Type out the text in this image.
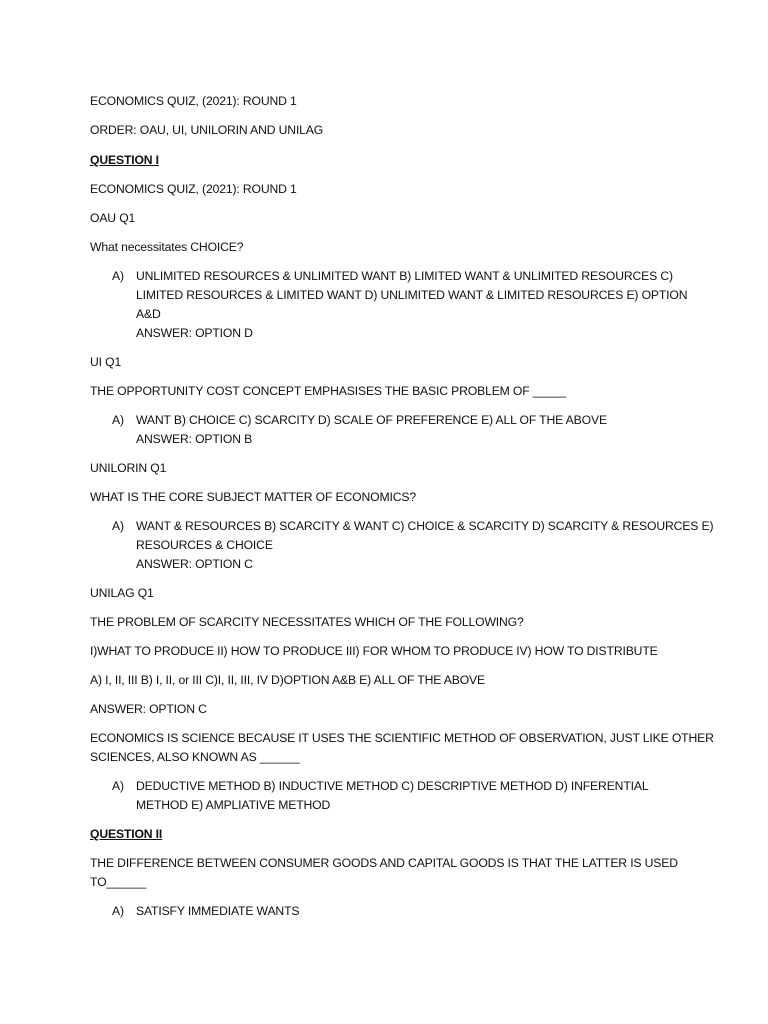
ECONOMICS QUIZ, (2021): ROUND 1
ORDER: OAU, UI, UNILORIN AND UNILAG
QUESTION I
ECONOMICS QUIZ, (2021): ROUND 1
OAU Q1
What necessitates CHOICE?
A) UNLIMITED RESOURCES & UNLIMITED WANT B) LIMITED WANT & UNLIMITED RESOURCES C)
LIMITED RESOURCES & LIMITED WANT D) UNLIMITED WANT & LIMITED RESOURCES E) OPTION
A&D
ANSWER: OPTION D
UI Q1
THE OPPORTUNITY COST CONCEPT EMPHASISES THE BASIC PROBLEM OF _____
A) WANT B) CHOICE C) SCARCITY D) SCALE OF PREFERENCE E) ALL OF THE ABOVE
ANSWER: OPTION B
UNILORIN Q1
WHAT IS THE CORE SUBJECT MATTER OF ECONOMICS?
A) WANT & RESOURCES B) SCARCITY & WANT C) CHOICE & SCARCITY D) SCARCITY & RESOURCES E)
RESOURCES & CHOICE
ANSWER: OPTION C
UNILAG Q1
THE PROBLEM OF SCARCITY NECESSITATES WHICH OF THE FOLLOWING?
I)WHAT TO PRODUCE II) HOW TO PRODUCE III) FOR WHOM TO PRODUCE IV) HOW TO DISTRIBUTE
A) I, II, III B) I, II, or III C)I, II, III, IV D)OPTION A&B E) ALL OF THE ABOVE
ANSWER: OPTION C
ECONOMICS IS SCIENCE BECAUSE IT USES THE SCIENTIFIC METHOD OF OBSERVATION, JUST LIKE OTHER
SCIENCES, ALSO KNOWN AS ______
A) DEDUCTIVE METHOD B) INDUCTIVE METHOD C) DESCRIPTIVE METHOD D) INFERENTIAL
METHOD E) AMPLIATIVE METHOD
QUESTION II
THE DIFFERENCE BETWEEN CONSUMER GOODS AND CAPITAL GOODS IS THAT THE LATTER IS USED
TO______
A) SATISFY IMMEDIATE WANTS
